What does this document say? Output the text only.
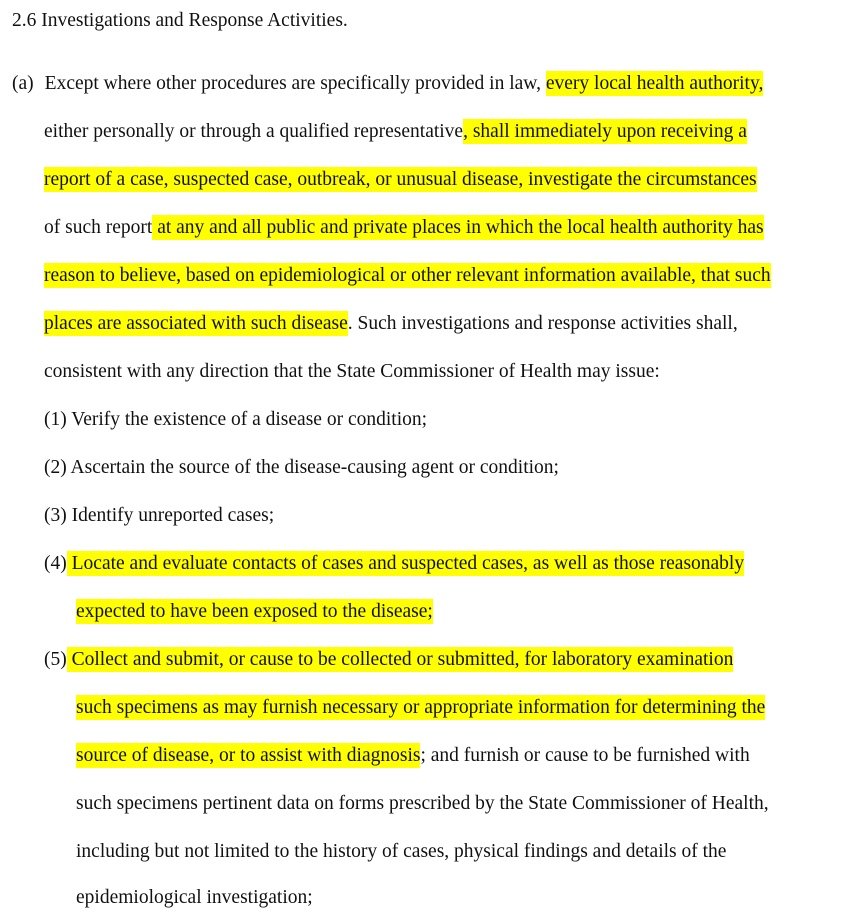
2.6 Investigations and Response Activities.
(a) Except where other procedures are specifically provided in law, every local health authority,
either personally or through a qualified representative, shall immediately upon receiving a
report of a case, suspected case, outbreak, or unusual disease, investigate the circumstances
of such report at any and all public and private places in which the local health authority has
reason to believe, based on epidemiological or other relevant information available, that such
places are associated with such disease. Such investigations and response activities shall,
consistent with any direction that the State Commissioner of Health may issue:
(1) Verify the existence of a disease or condition;
(2) Ascertain the source of the disease-causing agent or condition;
(3) Identify unreported cases;
(4) Locate and evaluate contacts of cases and suspected cases, as well as those reasonably
expected to have been exposed to the disease;
(5) Collect and submit, or cause to be collected or submitted, for laboratory examination
such specimens as may furnish necessary or appropriate information for determining the
source of disease, or to assist with diagnosis; and furnish or cause to be furnished with
such specimens pertinent data on forms prescribed by the State Commissioner of Health,
including but not limited to the history of cases, physical findings and details of the
epidemiological investigation;
